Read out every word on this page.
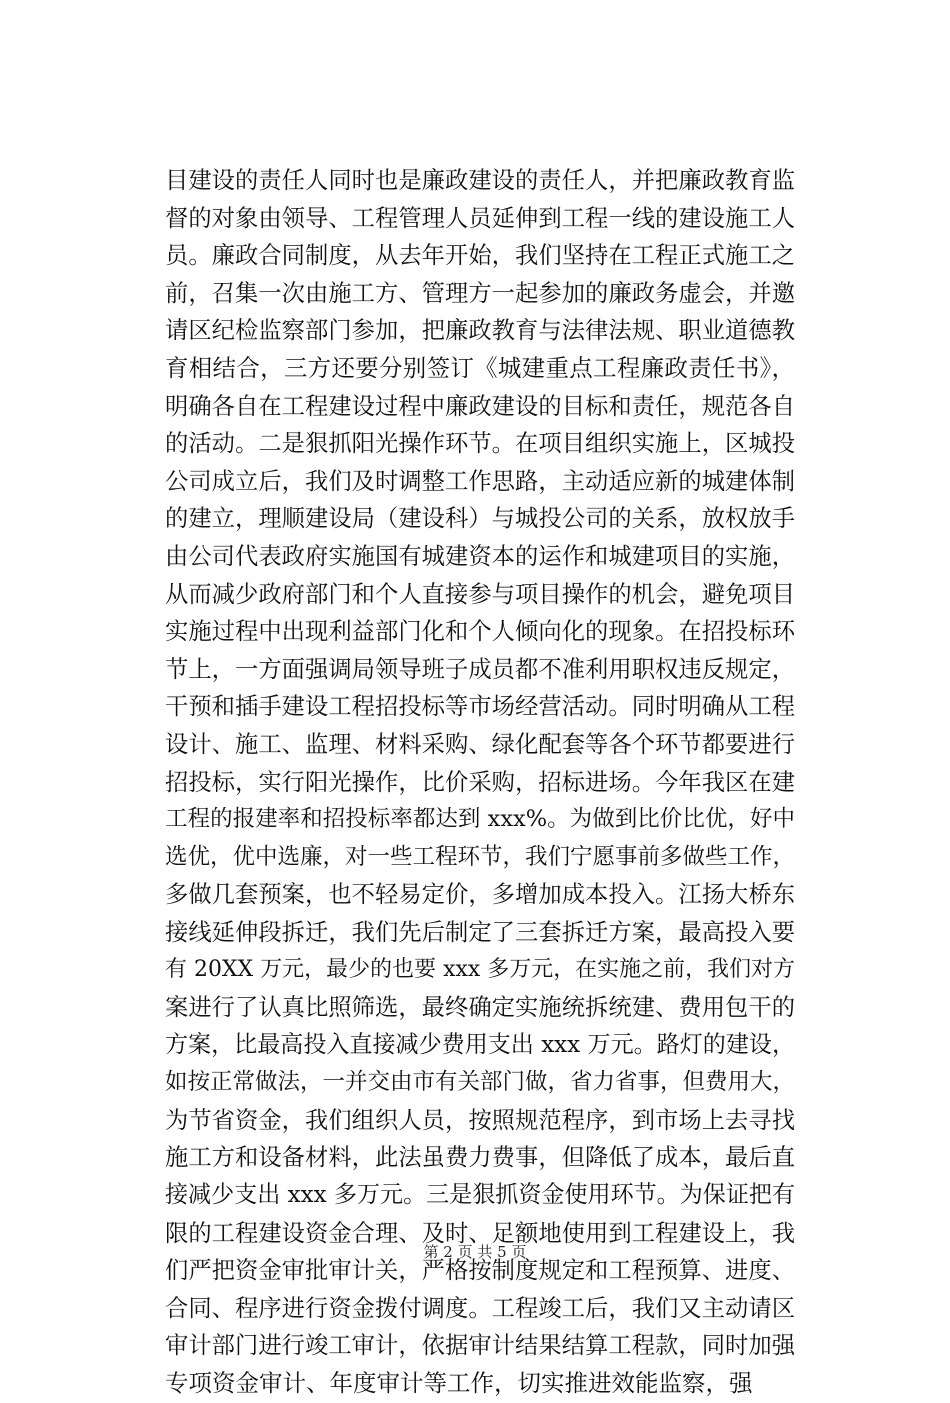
目建设的责任人同时也是廉政建设的责任人，并把廉政教育监
督的对象由领导、工程管理人员延伸到工程一线的建设施工人
员。廉政合同制度，从去年开始，我们坚持在工程正式施工之
前，召集一次由施工方、管理方一起参加的廉政务虚会，并邀
请区纪检监察部门参加，把廉政教育与法律法规、职业道德教
育相结合，三方还要分别签订《城建重点工程廉政责任书》，
明确各自在工程建设过程中廉政建设的目标和责任，规范各自
的活动。二是狠抓阳光操作环节。在项目组织实施上，区城投
公司成立后，我们及时调整工作思路，主动适应新的城建体制
的建立，理顺建设局（建设科）与城投公司的关系，放权放手
由公司代表政府实施国有城建资本的运作和城建项目的实施，
从而减少政府部门和个人直接参与项目操作的机会，避免项目
实施过程中出现利益部门化和个人倾向化的现象。在招投标环
节上，一方面强调局领导班子成员都不准利用职权违反规定，
干预和插手建设工程招投标等市场经营活动。同时明确从工程
设计、施工、监理、材料采购、绿化配套等各个环节都要进行
招投标，实行阳光操作，比价采购，招标进场。今年我区在建
工程的报建率和招投标率都达到 xxx%。为做到比价比优，好中
选优，优中选廉，对一些工程环节，我们宁愿事前多做些工作，
多做几套预案，也不轻易定价，多增加成本投入。江扬大桥东
接线延伸段拆迁，我们先后制定了三套拆迁方案，最高投入要
有 20XX 万元，最少的也要 xxx 多万元，在实施之前，我们对方
案进行了认真比照筛选，最终确定实施统拆统建、费用包干的
方案，比最高投入直接减少费用支出 xxx 万元。路灯的建设，
如按正常做法，一并交由市有关部门做，省力省事，但费用大，
为节省资金，我们组织人员，按照规范程序，到市场上去寻找
施工方和设备材料，此法虽费力费事，但降低了成本，最后直
接减少支出 xxx 多万元。三是狠抓资金使用环节。为保证把有
限的工程建设资金合理、及时、足额地使用到工程建设上，我
们严把资金审批审计关，严格按制度规定和工程预算、进度、
合同、程序进行资金拨付调度。工程竣工后，我们又主动请区
审计部门进行竣工审计，依据审计结果结算工程款，同时加强
专项资金审计、年度审计等工作，切实推进效能监察，强
第 2 页 共 5 页
